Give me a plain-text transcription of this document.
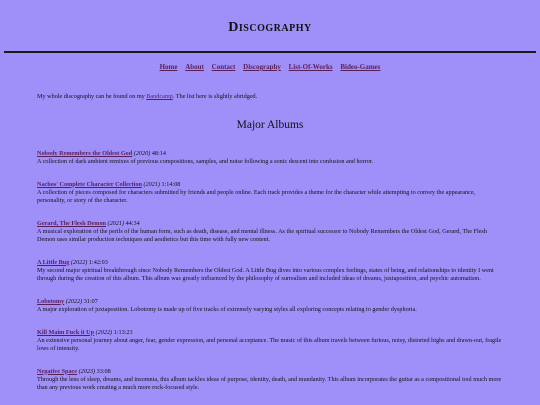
Discography
Home About Contact Discography List-Of-Works Bideo-Games

My whole discography can be found on my Bandcamp. The list here is slightly abridged.

Major Albums
Nobody Remembers the Oldest God (2020) 48:14

A collection of dark ambient remixes of previous compositions, samples, and noise following a sonic descent into confusion and horror.

Nachos' Complete Character Collection (2021) 1:14:08

A collection of pieces composed for characters submitted by friends and people online. Each track provides a theme for the character while attempting to convey the appearance, personality, or story of the character.

Gerard, The Flesh Demon (2021) 44:34

A musical exploration of the perils of the human form, such as death, disease, and mental illness. As the spiritual successor to Nobody Remembers the Oldest God, Gerard, The Flesh Demon uses similar production techniques and aesthetics but this time with fully new content.

A Little Bug (2022) 1:42:03

My second major spiritual breakthrough since Nobody Remembers the Oldest God. A Little Bug dives into various complex feelings, states of being, and relationships to identity I went through during the creation of this album. This album was greatly influenced by the philosophy of surrealism and included ideas of dreams, juxtaposition, and psychic automatism.

Lobotomy (2022) 31:07

A major exploration of juxtaposition. Lobotomy is made up of five tracks of extremely varying styles all exploring concepts relating to gender dysphoria.

Kill Maim Fuck it Up (2022) 1:13:23

An extensive personal journey about anger, fear, gender expression, and personal acceptance. The music of this album travels between furious, noisy, distorted highs and drawn-out, fragile lows of intensity.

Negative Space (2023) 33:08

Through the lens of sleep, dreams, and insomnia, this album tackles ideas of purpose, identity, death, and mundanity. This album incorporates the guitar as a compositional tool much more than any previous work creating a much more rock-focused style.
